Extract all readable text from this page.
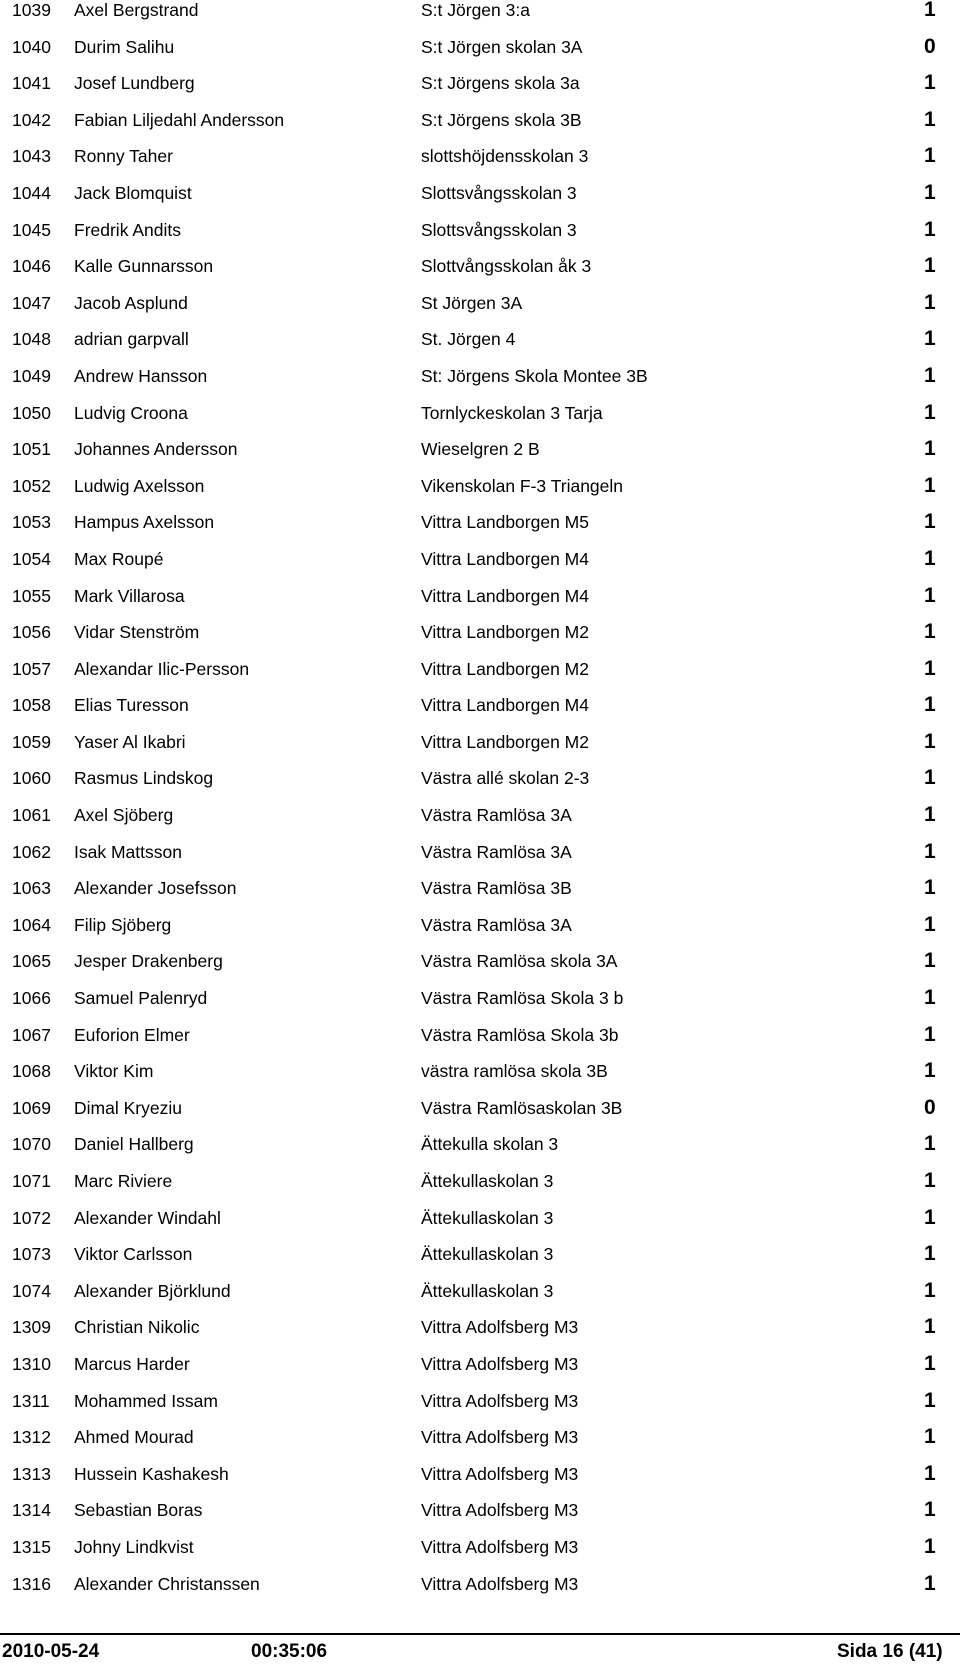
1039 Axel Bergstrand	S:t Jörgen 3:a	1
1040 Durim Salihu	S:t Jörgen skolan 3A	0
1041 Josef Lundberg	S:t Jörgens skola 3a	1
1042 Fabian Liljedahl Andersson	S:t Jörgens skola 3B	1
1043 Ronny Taher	slottshöjdensskolan 3	1
1044 Jack Blomquist	Slottsvångsskolan 3	1
1045 Fredrik Andits	Slottsvångsskolan 3	1
1046 Kalle Gunnarsson	Slottvångsskolan åk 3	1
1047 Jacob Asplund	St Jörgen 3A	1
1048 adrian garpvall	St. Jörgen 4	1
1049 Andrew Hansson	St: Jörgens Skola Montee 3B	1
1050 Ludvig Croona	Tornlyckeskolan 3 Tarja	1
1051 Johannes Andersson	Wieselgren 2 B	1
1052 Ludwig Axelsson	Vikenskolan F-3 Triangeln	1
1053 Hampus Axelsson	Vittra Landborgen M5	1
1054 Max Roupé	Vittra Landborgen M4	1
1055 Mark Villarosa	Vittra Landborgen M4	1
1056 Vidar Stenström	Vittra Landborgen M2	1
1057 Alexandar Ilic-Persson	Vittra Landborgen M2	1
1058 Elias Turesson	Vittra Landborgen M4	1
1059 Yaser Al Ikabri	Vittra Landborgen M2	1
1060 Rasmus Lindskog	Västra allé skolan 2-3	1
1061 Axel Sjöberg	Västra Ramlösa 3A	1
1062 Isak Mattsson	Västra Ramlösa 3A	1
1063 Alexander Josefsson	Västra Ramlösa 3B	1
1064 Filip Sjöberg	Västra Ramlösa 3A	1
1065 Jesper Drakenberg	Västra Ramlösa skola 3A	1
1066 Samuel Palenryd	Västra Ramlösa Skola 3 b	1
1067 Euforion Elmer	Västra Ramlösa Skola 3b	1
1068 Viktor Kim	västra ramlösa skola 3B	1
1069 Dimal Kryeziu	Västra Ramlösaskolan 3B	0
1070 Daniel Hallberg	Ättekulla skolan 3	1
1071 Marc Riviere	Ättekullaskolan 3	1
1072 Alexander Windahl	Ättekullaskolan 3	1
1073 Viktor Carlsson	Ättekullaskolan 3	1
1074 Alexander Björklund	Ättekullaskolan 3	1
1309 Christian Nikolic	Vittra Adolfsberg M3	1
1310 Marcus Harder	Vittra Adolfsberg M3	1
1311 Mohammed Issam	Vittra Adolfsberg M3	1
1312 Ahmed Mourad	Vittra Adolfsberg M3	1
1313 Hussein Kashakesh	Vittra Adolfsberg M3	1
1314 Sebastian Boras	Vittra Adolfsberg M3	1
1315 Johny Lindkvist	Vittra Adolfsberg M3	1
1316 Alexander Christanssen	Vittra Adolfsberg M3	1
2010-05-24	00:35:06	Sida 16 (41)
